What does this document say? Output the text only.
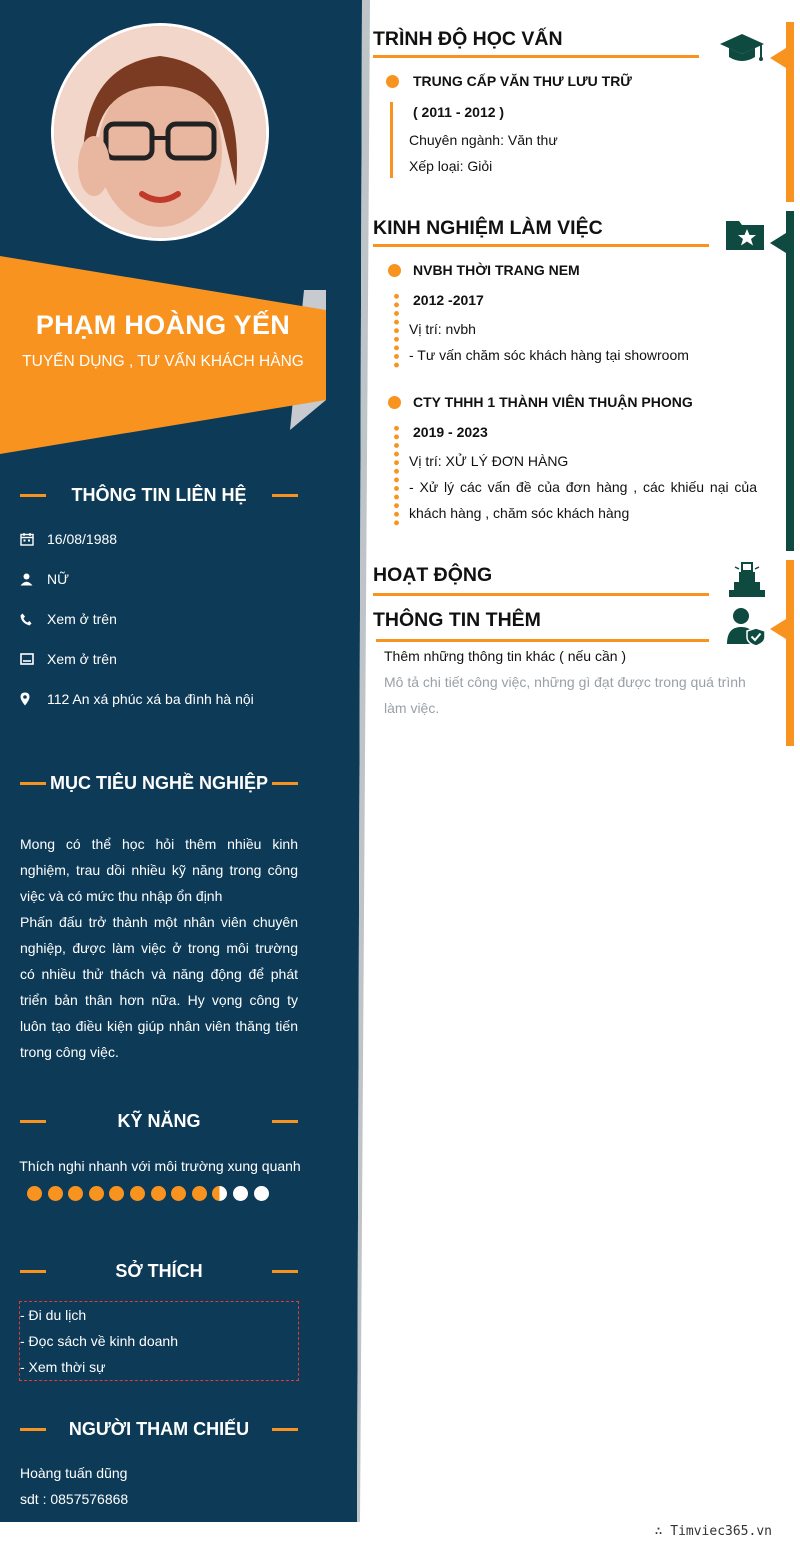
PHẠM HOÀNG YẾN
TUYỂN DỤNG , TƯ VẤN KHÁCH HÀNG
THÔNG TIN LIÊN HỆ
16/08/1988
NỮ
Xem ở trên
Xem ở trên
112 An xá phúc xá ba đình hà nội
MỤC TIÊU NGHỀ NGHIỆP
Mong có thể học hỏi thêm nhiều kinh nghiệm, trau dồi nhiều kỹ năng trong công việc và có mức thu nhập ổn định
Phấn đấu trở thành một nhân viên chuyên nghiệp, được làm việc ở trong môi trường có nhiều thử thách và năng động để phát triển bản thân hơn nữa. Hy vọng công ty luôn tạo điều kiện giúp nhân viên thăng tiến trong công việc.
KỸ NĂNG
Thích nghi nhanh với môi trường xung quanh
SỞ THÍCH
- Đi du lịch
- Đọc sách về kinh doanh
- Xem thời sự
NGƯỜI THAM CHIẾU
Hoàng tuấn dũng
sdt : 0857576868
TRÌNH ĐỘ HỌC VẤN
TRUNG CẤP VĂN THƯ LƯU TRỮ
( 2011 - 2012 )
Chuyên ngành: Văn thư
Xếp loại: Giỏi
KINH NGHIỆM LÀM VIỆC
NVBH THỜI TRANG NEM
2012 -2017
Vị trí: nvbh
- Tư vấn chăm sóc khách hàng tại showroom
CTY THHH 1 THÀNH VIÊN THUẬN PHONG
2019 - 2023
Vị trí: XỬ LÝ ĐƠN HÀNG
- Xử lý các vấn đề của đơn hàng , các khiếu nại của khách hàng , chăm sóc khách hàng
HOẠT ĐỘNG
THÔNG TIN THÊM
Thêm những thông tin khác ( nếu cần )
Mô tả chi tiết công việc, những gì đạt được trong quá trình làm việc.
∴ Timviec365.vn
